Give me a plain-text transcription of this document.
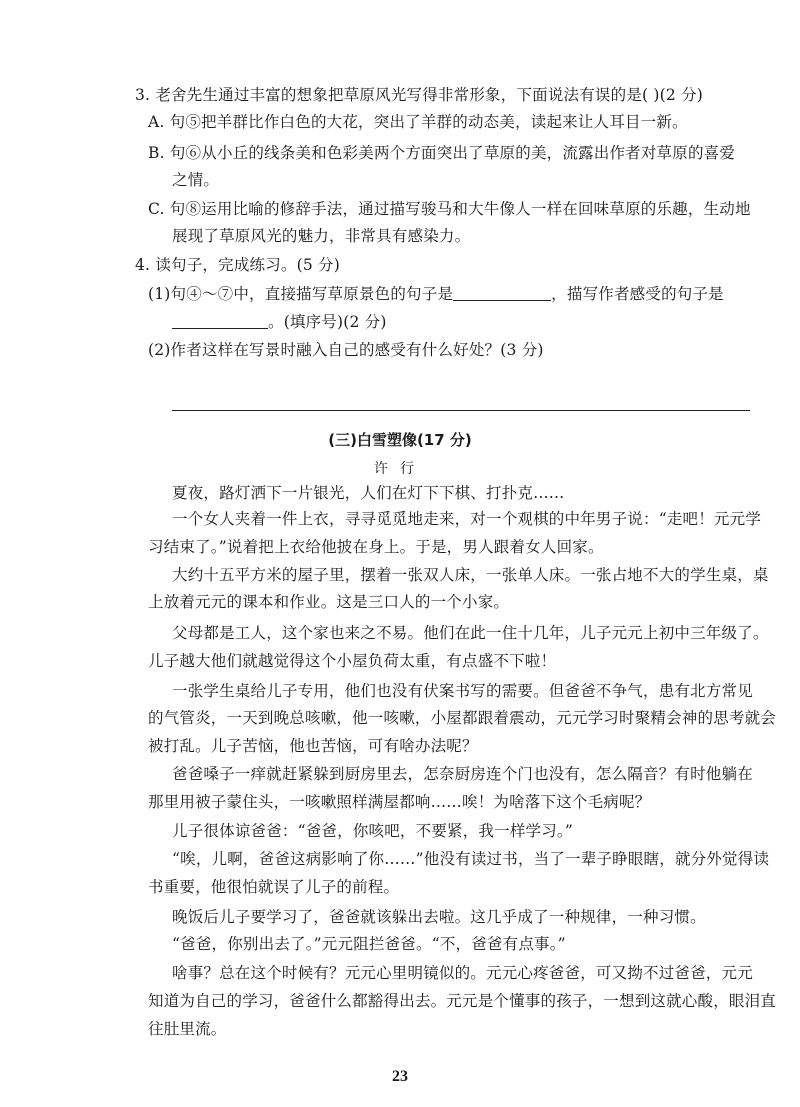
3. 老舍先生通过丰富的想象把草原风光写得非常形象，下面说法有误的是( )(2 分)
A. 句⑤把羊群比作白色的大花，突出了羊群的动态美，读起来让人耳目一新。
B. 句⑥从小丘的线条美和色彩美两个方面突出了草原的美，流露出作者对草原的喜爱
之情。
C. 句⑧运用比喻的修辞手法，通过描写骏马和大牛像人一样在回味草原的乐趣，生动地
展现了草原风光的魅力，非常具有感染力。
4. 读句子，完成练习。(5 分)
(1)句④～⑦中，直接描写草原景色的句子是	，描写作者感受的句子是
。(填序号)(2 分)
(2)作者这样在写景时融入自己的感受有什么好处？(3 分)
(三)白雪塑像(17 分)
许行
夏夜，路灯洒下一片银光，人们在灯下下棋、打扑克……
一个女人夹着一件上衣，寻寻觅觅地走来，对一个观棋的中年男子说：“走吧！元元学
习结束了。”说着把上衣给他披在身上。于是，男人跟着女人回家。
大约十五平方米的屋子里，摆着一张双人床，一张单人床。一张占地不大的学生桌，桌
上放着元元的课本和作业。这是三口人的一个小家。
父母都是工人，这个家也来之不易。他们在此一住十几年，儿子元元上初中三年级了。
儿子越大他们就越觉得这个小屋负荷太重，有点盛不下啦！
一张学生桌给儿子专用，他们也没有伏案书写的需要。但爸爸不争气，患有北方常见
的气管炎，一天到晚总咳嗽，他一咳嗽，小屋都跟着震动，元元学习时聚精会神的思考就会
被打乱。儿子苦恼，他也苦恼，可有啥办法呢？
爸爸嗓子一痒就赶紧躲到厨房里去，怎奈厨房连个门也没有，怎么隔音？有时他躺在
那里用被子蒙住头，一咳嗽照样满屋都响……唉！为啥落下这个毛病呢？
儿子很体谅爸爸：“爸爸，你咳吧，不要紧，我一样学习。”
“唉，儿啊，爸爸这病影响了你……”他没有读过书，当了一辈子睁眼瞎，就分外觉得读
书重要，他很怕就误了儿子的前程。
晚饭后儿子要学习了，爸爸就该躲出去啦。这几乎成了一种规律，一种习惯。
“爸爸，你别出去了。”元元阻拦爸爸。“不，爸爸有点事。”
啥事？总在这个时候有？元元心里明镜似的。元元心疼爸爸，可又拗不过爸爸，元元
知道为自己的学习，爸爸什么都豁得出去。元元是个懂事的孩子，一想到这就心酸，眼泪直
往肚里流。
23
